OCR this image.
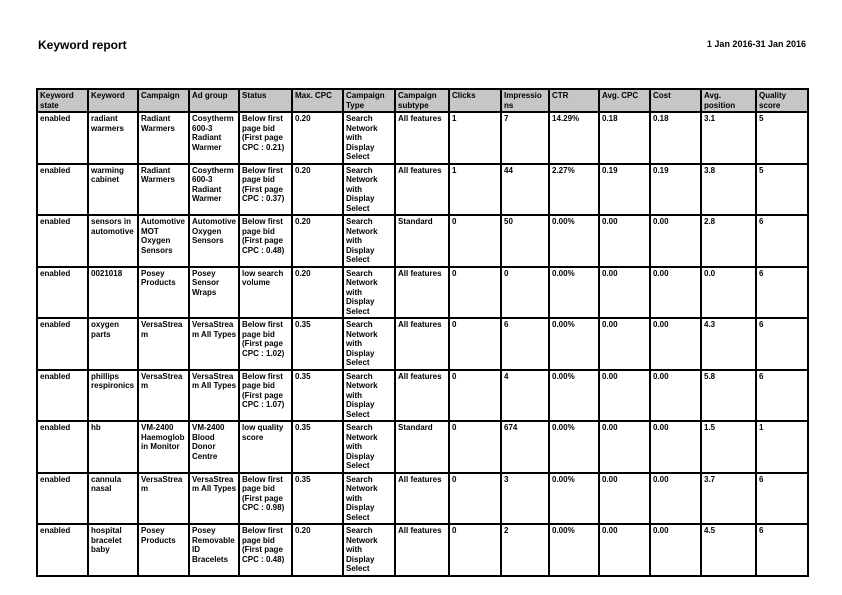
Keyword report	1 Jan 2016-31 Jan 2016
Keyword state	Keyword	Campaign	Ad group	Status	Max. CPC	Campaign Type	Campaign subtype	Clicks	Impressions	CTR	Avg. CPC	Cost	Avg. position	Quality score
enabled	radiant warmers	Radiant Warmers	Cosytherm 600-3 Radiant Warmer	Below first page bid (First page CPC : 0.21)	0.20	Search Network with Display Select	All features	1	7	14.29%	0.18	0.18	3.1	5
enabled	warming cabinet	Radiant Warmers	Cosytherm 600-3 Radiant Warmer	Below first page bid (First page CPC : 0.37)	0.20	Search Network with Display Select	All features	1	44	2.27%	0.19	0.19	3.8	5
enabled	sensors in automotive	Automotive MOT Oxygen Sensors	Automotive Oxygen Sensors	Below first page bid (First page CPC : 0.48)	0.20	Search Network with Display Select	Standard	0	50	0.00%	0.00	0.00	2.8	6
enabled	0021018	Posey Products	Posey Sensor Wraps	low search volume	0.20	Search Network with Display Select	All features	0	0	0.00%	0.00	0.00	0.0	6
enabled	oxygen parts	VersaStream	VersaStream All Types	Below first page bid (First page CPC : 1.02)	0.35	Search Network with Display Select	All features	0	6	0.00%	0.00	0.00	4.3	6
enabled	phillips respironics	VersaStream	VersaStream All Types	Below first page bid (First page CPC : 1.07)	0.35	Search Network with Display Select	All features	0	4	0.00%	0.00	0.00	5.8	6
enabled	hb	VM-2400 Haemoglobin Monitor	VM-2400 Blood Donor Centre	low quality score	0.35	Search Network with Display Select	Standard	0	674	0.00%	0.00	0.00	1.5	1
enabled	cannula nasal	VersaStream	VersaStream All Types	Below first page bid (First page CPC : 0.98)	0.35	Search Network with Display Select	All features	0	3	0.00%	0.00	0.00	3.7	6
enabled	hospital bracelet baby	Posey Products	Posey Removable ID Bracelets	Below first page bid (First page CPC : 0.48)	0.20	Search Network with Display Select	All features	0	2	0.00%	0.00	0.00	4.5	6
